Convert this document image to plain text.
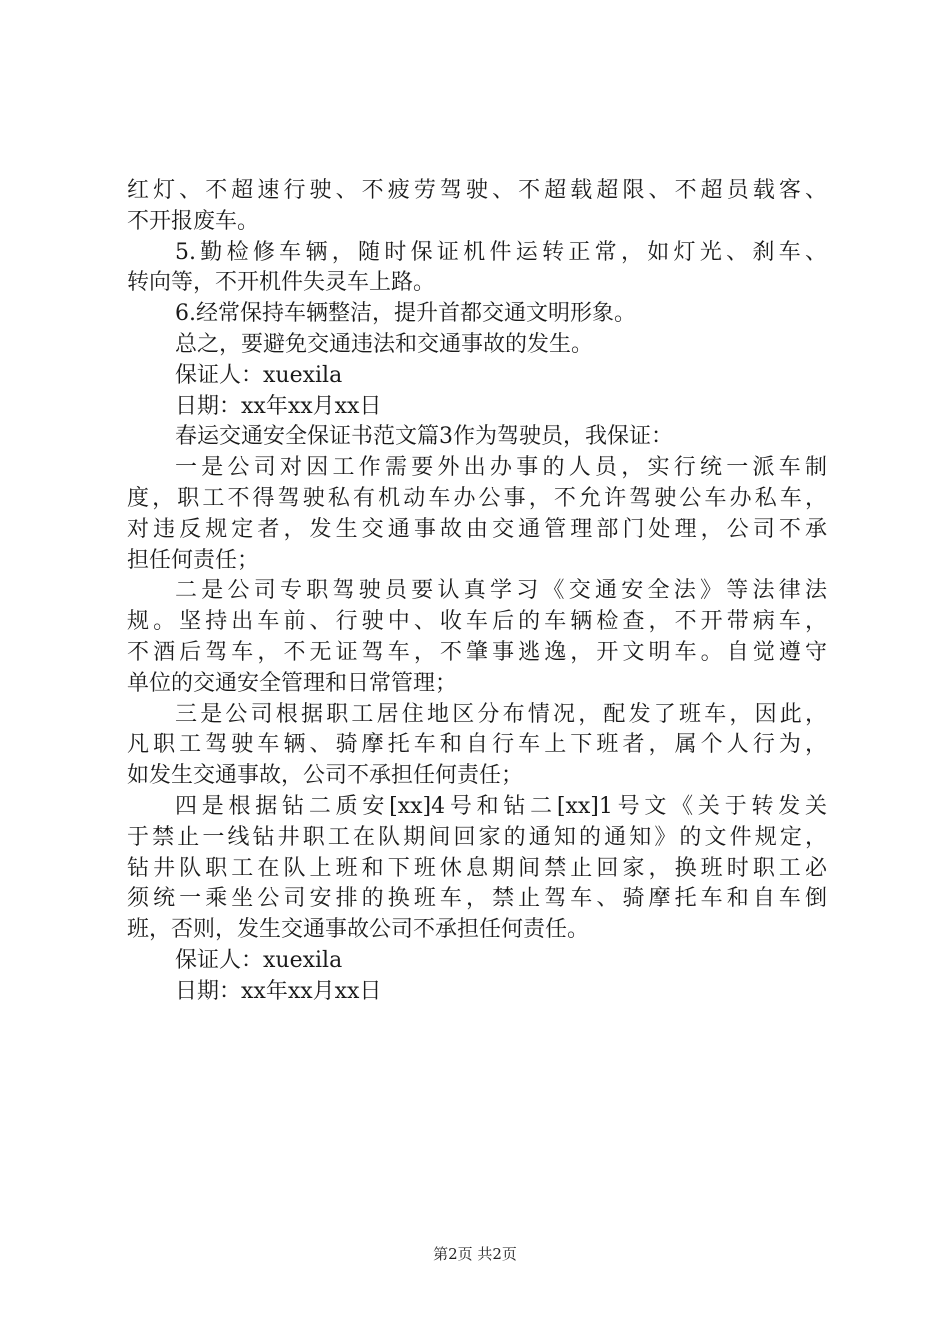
红灯、不超速行驶、不疲劳驾驶、不超载超限、不超员载客、
不开报废车。
5.勤检修车辆，随时保证机件运转正常，如灯光、刹车、
转向等，不开机件失灵车上路。
6.经常保持车辆整洁，提升首都交通文明形象。
总之，要避免交通违法和交通事故的发生。
保证人：xuexila
日期：xx年xx月xx日
春运交通安全保证书范文篇3作为驾驶员，我保证：
一是公司对因工作需要外出办事的人员，实行统一派车制
度，职工不得驾驶私有机动车办公事，不允许驾驶公车办私车，
对违反规定者，发生交通事故由交通管理部门处理，公司不承
担任何责任；
二是公司专职驾驶员要认真学习《交通安全法》等法律法
规。坚持出车前、行驶中、收车后的车辆检查，不开带病车，
不酒后驾车，不无证驾车，不肇事逃逸，开文明车。自觉遵守
单位的交通安全管理和日常管理；
三是公司根据职工居住地区分布情况，配发了班车，因此，
凡职工驾驶车辆、骑摩托车和自行车上下班者，属个人行为，
如发生交通事故，公司不承担任何责任；
四是根据钻二质安[xx]4号和钻二[xx]1号文《关于转发关
于禁止一线钻井职工在队期间回家的通知的通知》的文件规定，
钻井队职工在队上班和下班休息期间禁止回家，换班时职工必
须统一乘坐公司安排的换班车，禁止驾车、骑摩托车和自车倒
班，否则，发生交通事故公司不承担任何责任。
保证人：xuexila
日期：xx年xx月xx日
第2页 共2页
